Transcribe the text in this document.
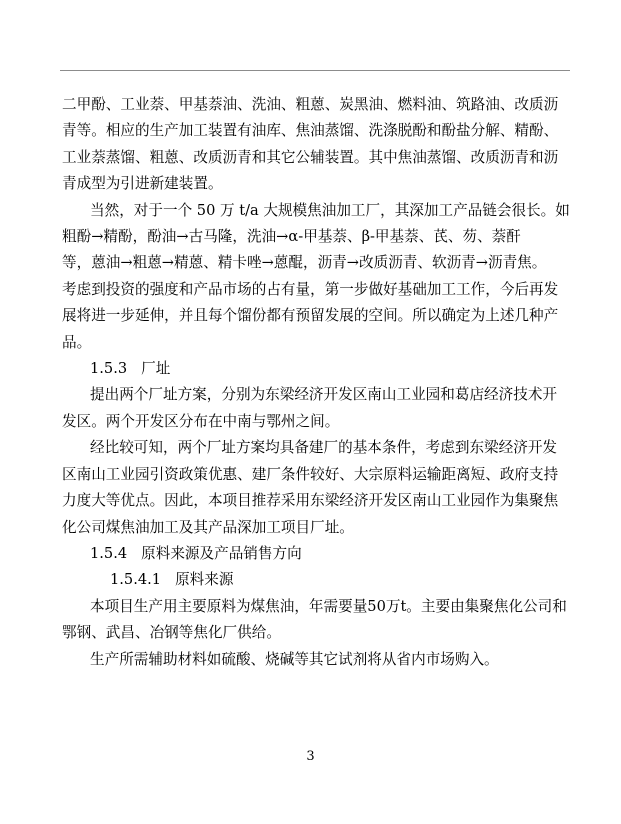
二甲酚、工业萘、甲基萘油、洗油、粗蒽、炭黑油、燃料油、筑路油、改质沥
青等。相应的生产加工装置有油库、焦油蒸馏、洗涤脱酚和酚盐分解、精酚、
工业萘蒸馏、粗蒽、改质沥青和其它公辅装置。其中焦油蒸馏、改质沥青和沥
青成型为引进新建装置。

当然，对于一个 50 万 t/a 大规模焦油加工厂，其深加工产品链会很长。如
粗酚→精酚，酚油→古马隆，洗油→α-甲基萘、β-甲基萘、芪、芴、萘酐
等，蒽油→粗蒽→精蒽、精卡唑→蒽醌，沥青→改质沥青、软沥青→沥青焦。
考虑到投资的强度和产品市场的占有量，第一步做好基础加工工作，今后再发
展将进一步延伸，并且每个馏份都有预留发展的空间。所以确定为上述几种产
品。

1.5.3 厂址

提出两个厂址方案，分别为东梁经济开发区南山工业园和葛店经济技术开
发区。两个开发区分布在中南与鄂州之间。

经比较可知，两个厂址方案均具备建厂的基本条件，考虑到东梁经济开发
区南山工业园引资政策优惠、建厂条件较好、大宗原料运输距离短、政府支持
力度大等优点。因此，本项目推荐采用东梁经济开发区南山工业园作为集聚焦
化公司煤焦油加工及其产品深加工项目厂址。

1.5.4 原料来源及产品销售方向

1.5.4.1 原料来源

本项目生产用主要原料为煤焦油，年需要量50万t。主要由集聚焦化公司和
鄂钢、武昌、冶钢等焦化厂供给。

生产所需辅助材料如硫酸、烧碱等其它试剂将从省内市场购入。

3
